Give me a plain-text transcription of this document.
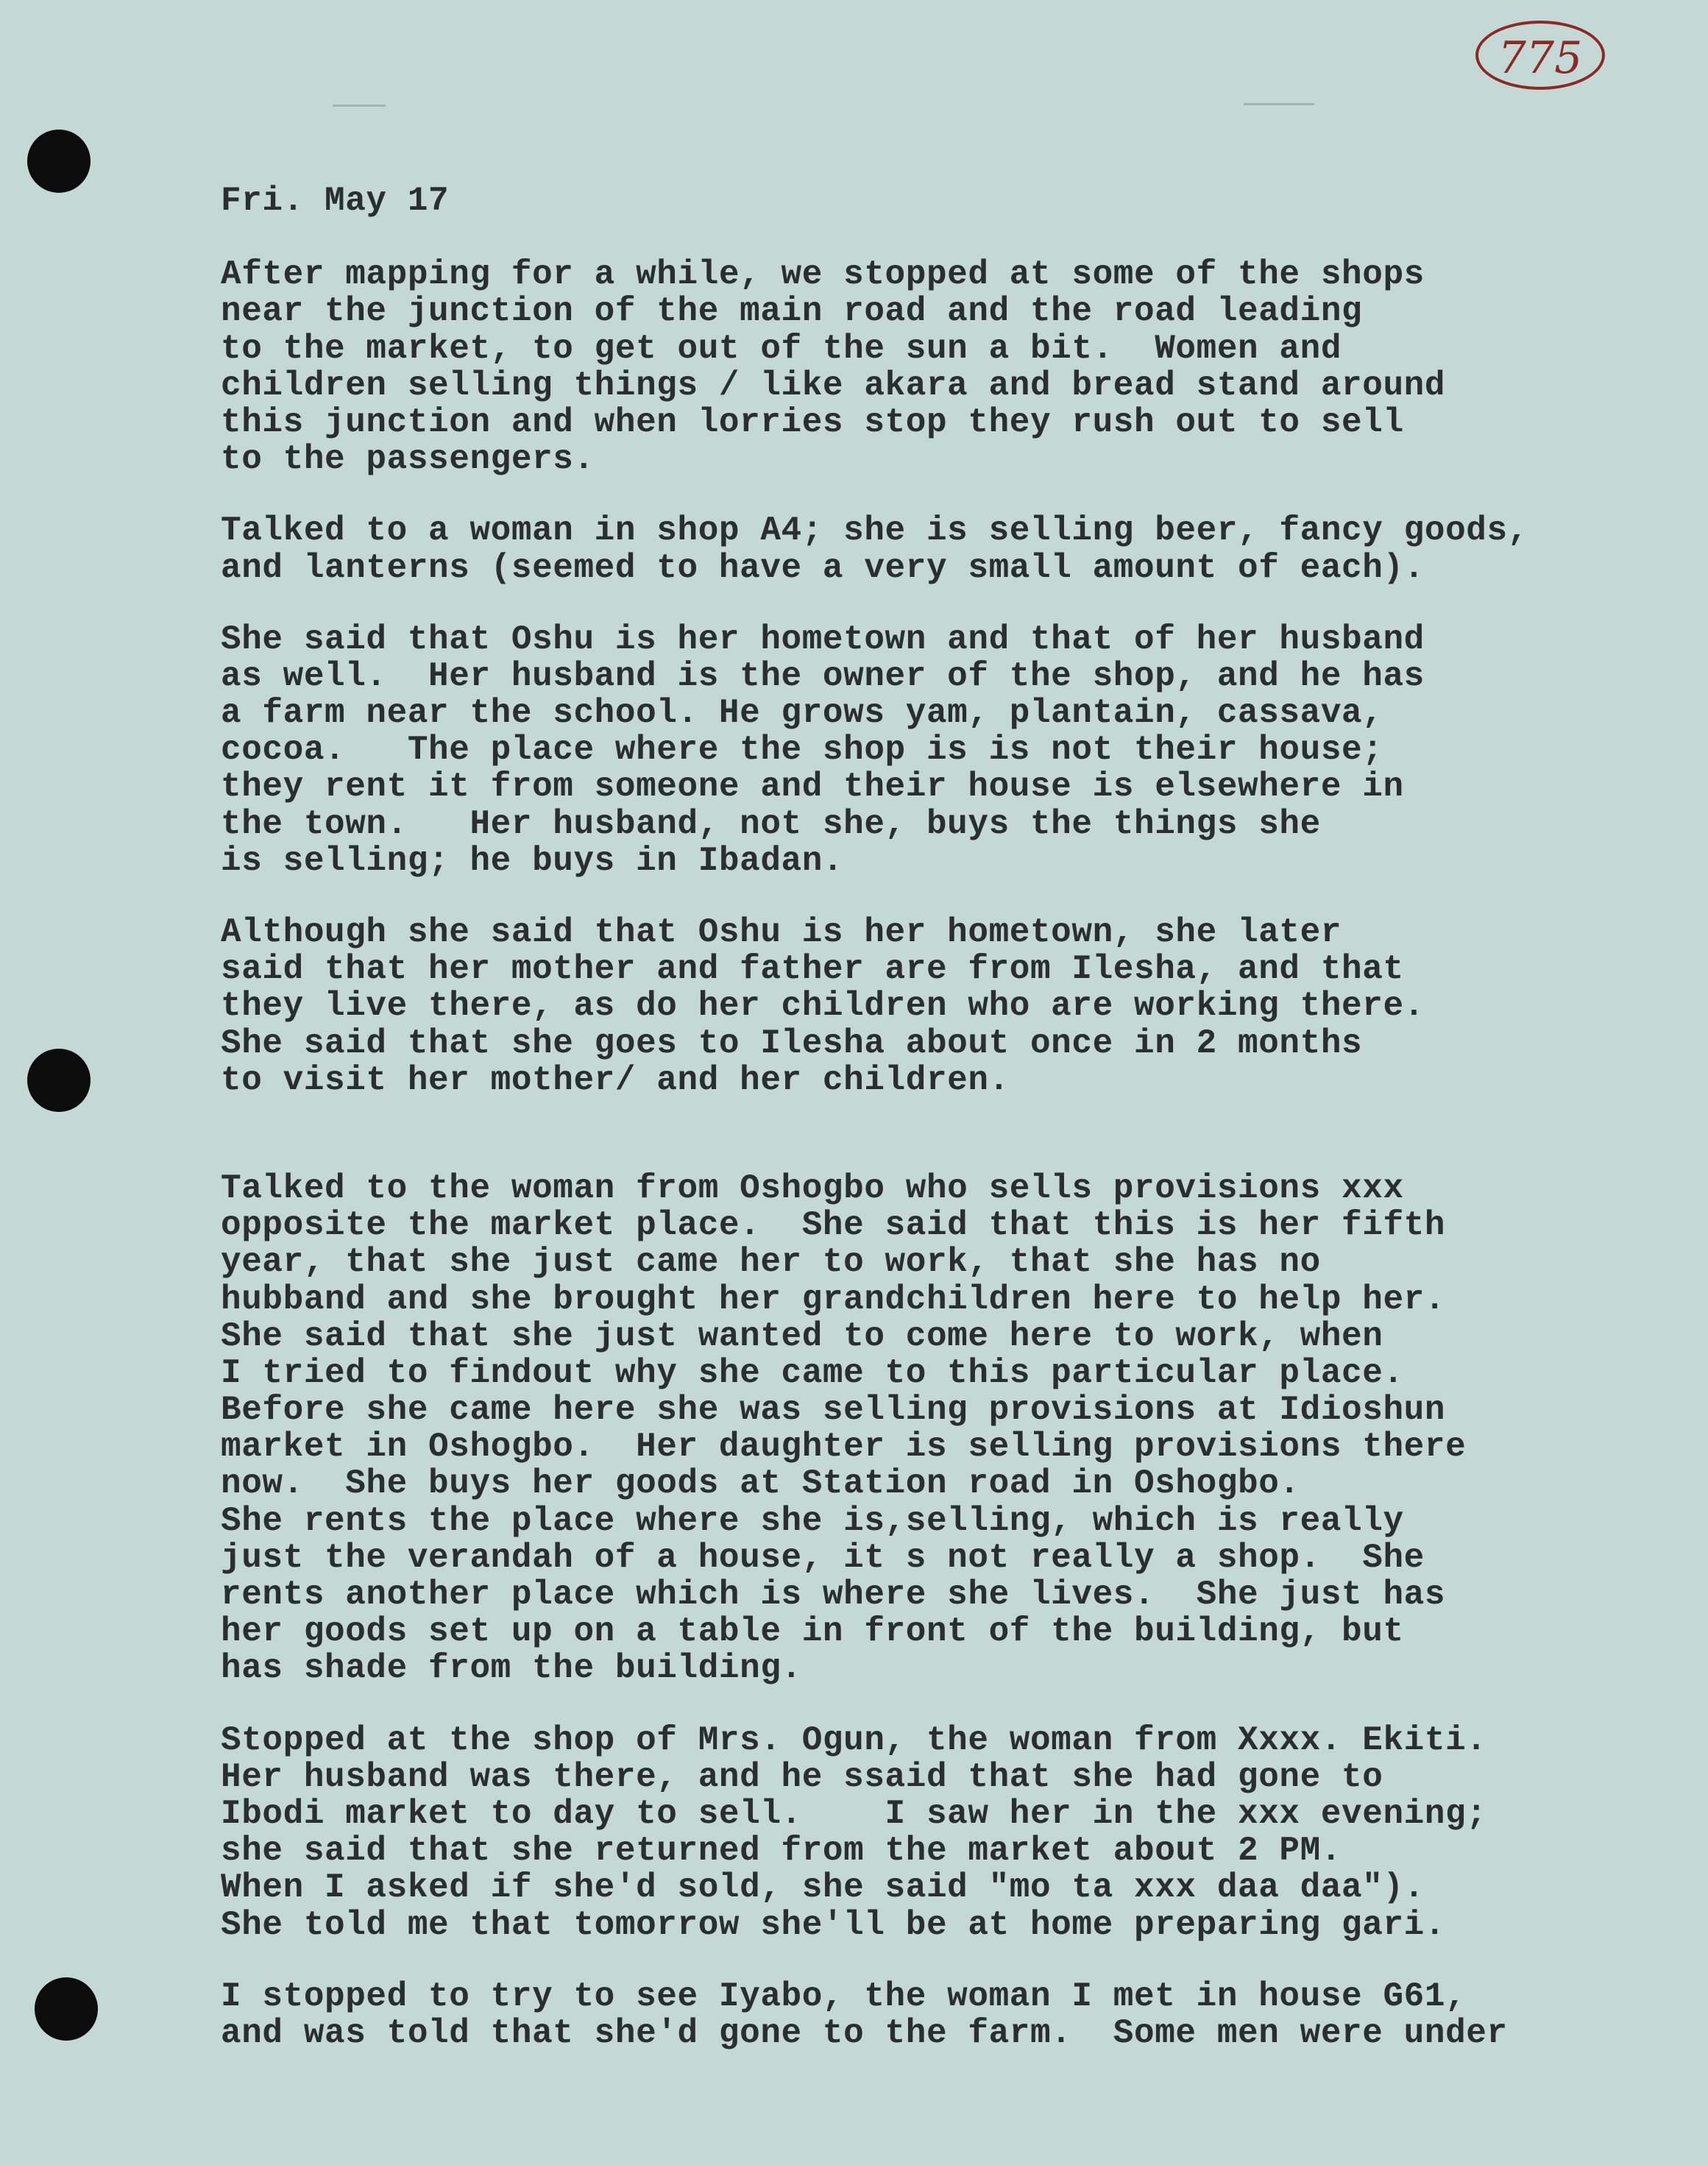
775
Fri. May 17
After mapping for a while, we stopped at some of the shops
near the junction of the main road and the road leading
to the market, to get out of the sun a bit.  Women and
children selling things / like akara and bread stand around
this junction and when lorries stop they rush out to sell
to the passengers.
Talked to a woman in shop A4; she is selling beer, fancy goods,
and lanterns (seemed to have a very small amount of each).
She said that Oshu is her hometown and that of her husband
as well.  Her husband is the owner of the shop, and he has
a farm near the school. He grows yam, plantain, cassava,
cocoa.   The place where the shop is is not their house;
they rent it from someone and their house is elsewhere in
the town.   Her husband, not she, buys the things she
is selling; he buys in Ibadan.
Although she said that Oshu is her hometown, she later
said that her mother and father are from Ilesha, and that
they live there, as do her children who are working there.
She said that she goes to Ilesha about once in 2 months
to visit her mother/ and her children.
Talked to the woman from Oshogbo who sells provisions xxx
opposite the market place.  She said that this is her fifth
year, that she just came her to work, that she has no
hubband and she brought her grandchildren here to help her.
She said that she just wanted to come here to work, when
I tried to findout why she came to this particular place.
Before she came here she was selling provisions at Idioshun
market in Oshogbo.  Her daughter is selling provisions there
now.  She buys her goods at Station road in Oshogbo.
She rents the place where she is,selling, which is really
just the verandah of a house, it s not really a shop.  She
rents another place which is where she lives.  She just has
her goods set up on a table in front of the building, but
has shade from the building.
Stopped at the shop of Mrs. Ogun, the woman from Xxxx. Ekiti.
Her husband was there, and he ssaid that she had gone to
Ibodi market to day to sell.    I saw her in the xxx evening;
she said that she returned from the market about 2 PM.
When I asked if she'd sold, she said "mo ta xxx daa daa").
She told me that tomorrow she'll be at home preparing gari.
I stopped to try to see Iyabo, the woman I met in house G61,
and was told that she'd gone to the farm.  Some men were under
